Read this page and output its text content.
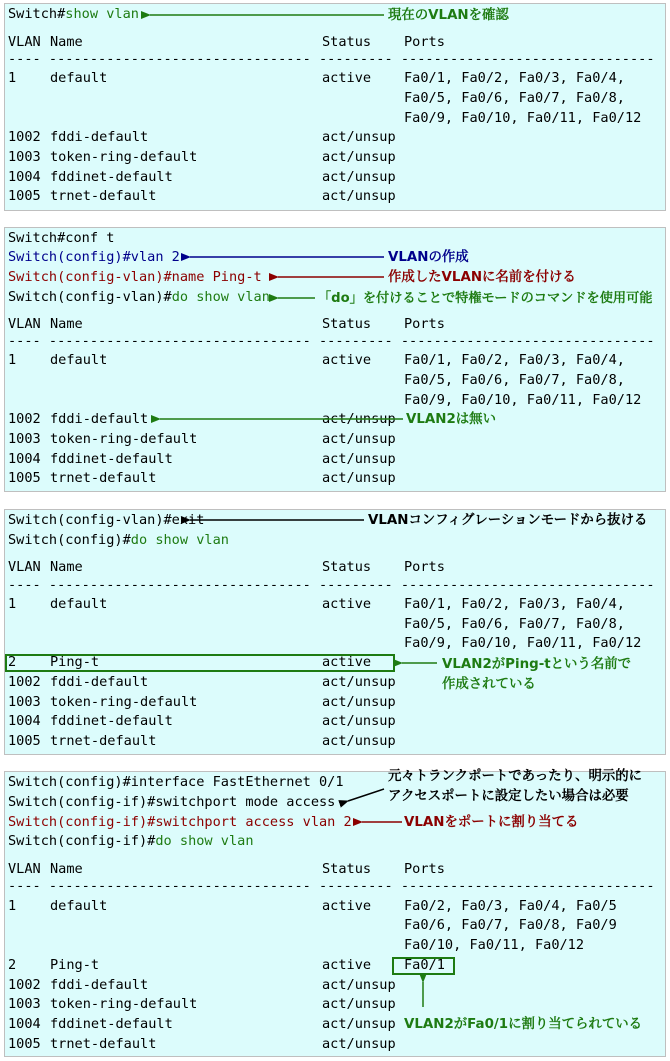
Switch#show vlan	現在のVLANを確認
VLAN Name	Status Ports
---- -------------------------------- --------- -------------------------------
1 default	active Fa0/1, Fa0/2, Fa0/3, Fa0/4,
Fa0/5, Fa0/6, Fa0/7, Fa0/8,
Fa0/9, Fa0/10, Fa0/11, Fa0/12
1002 fddi-default	act/unsup
1003 token-ring-default	act/unsup
1004 fddinet-default	act/unsup
1005 trnet-default	act/unsup
Switch#conf t
Switch(config)#vlan 2	VLANの作成
Switch(config-vlan)#name Ping-t	作成したVLANに名前を付ける
Switch(config-vlan)#do show vlan	「do」を付けることで特権モードのコマンドを使用可能
VLAN Name	Status Ports
---- -------------------------------- --------- -------------------------------
1 default	active Fa0/1, Fa0/2, Fa0/3, Fa0/4,
Fa0/5, Fa0/6, Fa0/7, Fa0/8,
Fa0/9, Fa0/10, Fa0/11, Fa0/12
1002 fddi-default	act/unsup VLAN2は無い
1003 token-ring-default	act/unsup
1004 fddinet-default	act/unsup
1005 trnet-default	act/unsup
Switch(config-vlan)#exit	VLANコンフィグレーションモードから抜ける
Switch(config)#do show vlan
VLAN Name	Status Ports
---- -------------------------------- --------- -------------------------------
1 default	active Fa0/1, Fa0/2, Fa0/3, Fa0/4,
Fa0/5, Fa0/6, Fa0/7, Fa0/8,
Fa0/9, Fa0/10, Fa0/11, Fa0/12
2 Ping-t	active	VLAN2がPing-tという名前で
作成されている
1002 fddi-default	act/unsup
1003 token-ring-default	act/unsup
1004 fddinet-default	act/unsup
1005 trnet-default	act/unsup
Switch(config)#interface FastEthernet 0/1	元々トランクポートであったり、明示的に
アクセスポートに設定したい場合は必要
Switch(config-if)#switchport mode access
Switch(config-if)#switchport access vlan 2	VLANをポートに割り当てる
Switch(config-if)#do show vlan
VLAN Name	Status Ports
---- -------------------------------- --------- -------------------------------
1 default	active Fa0/2, Fa0/3, Fa0/4, Fa0/5
Fa0/6, Fa0/7, Fa0/8, Fa0/9
Fa0/10, Fa0/11, Fa0/12
2 Ping-t	active Fa0/1
1002 fddi-default	act/unsup
1003 token-ring-default	act/unsup
1004 fddinet-default	act/unsup VLAN2がFa0/1に割り当てられている
1005 trnet-default	act/unsup
